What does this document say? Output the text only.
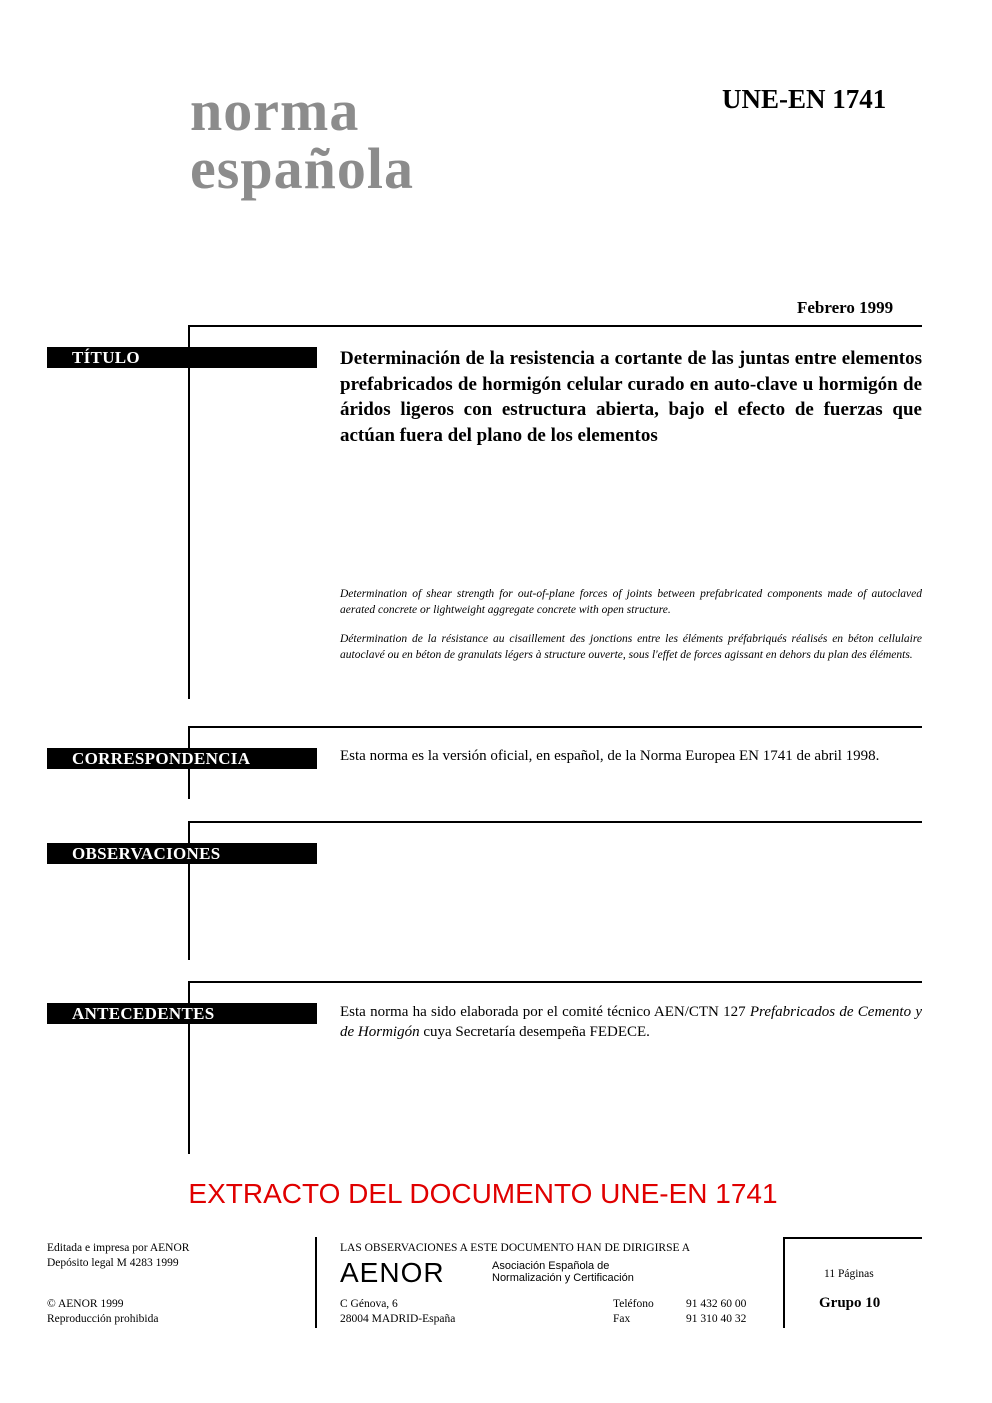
norma
española
UNE-EN 1741
Febrero 1999
TÍTULO	Determinación de la resistencia a cortante de las juntas entre elementos prefabricados de hormigón celular curado en auto-clave u hormigón de áridos ligeros con estructura abierta, bajo el efecto de fuerzas que actúan fuera del plano de los elementos
Determination of shear strength for out-of-plane forces of joints between prefabricated components made of autoclaved aerated concrete or lightweight aggregate concrete with open structure.
Détermination de la résistance au cisaillement des jonctions entre les éléments préfabriqués réalisés en béton cellulaire autoclavé ou en béton de granulats légers à structure ouverte, sous l'effet de forces agissant en dehors du plan des éléments.
CORRESPONDENCIA	Esta norma es la versión oficial, en español, de la Norma Europea EN 1741 de abril 1998.
OBSERVACIONES
ANTECEDENTES	Esta norma ha sido elaborada por el comité técnico AEN/CTN 127 Prefabricados de Cemento y de Hormigón cuya Secretaría desempeña FEDECE.
EXTRACTO DEL DOCUMENTO UNE-EN 1741
Editada e impresa por AENOR
Depósito legal M 4283 1999
© AENOR 1999
Reproducción prohibida
LAS OBSERVACIONES A ESTE DOCUMENTO HAN DE DIRIGIRSE A
AENOR	Asociación Española de
Normalización y Certificación
C Génova, 6
28004 MADRID-España
Teléfono	91 432 60 00
Fax	91 310 40 32
11 Páginas
Grupo 10
